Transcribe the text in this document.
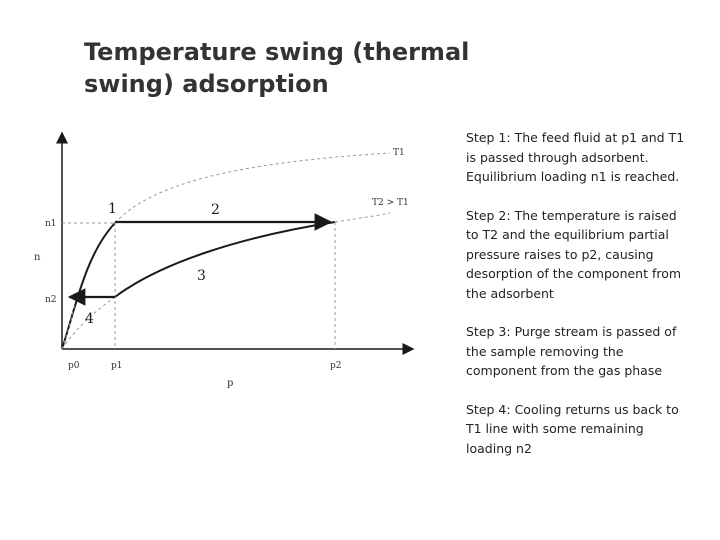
Temperature swing (thermal swing) adsorption
n
p
n1
n2
p0	p1	p2
T1
T2 > T1
1	2
3
4
Step 1: The feed fluid at p1 and T1 is passed through adsorbent. Equilibrium loading n1 is reached.
Step 2: The temperature is raised to T2 and the equilibrium partial pressure raises to p2, causing desorption of the component from the adsorbent
Step 3: Purge stream is passed of the sample removing the component from the gas phase
Step 4: Cooling returns us back to T1 line with some remaining loading n2
